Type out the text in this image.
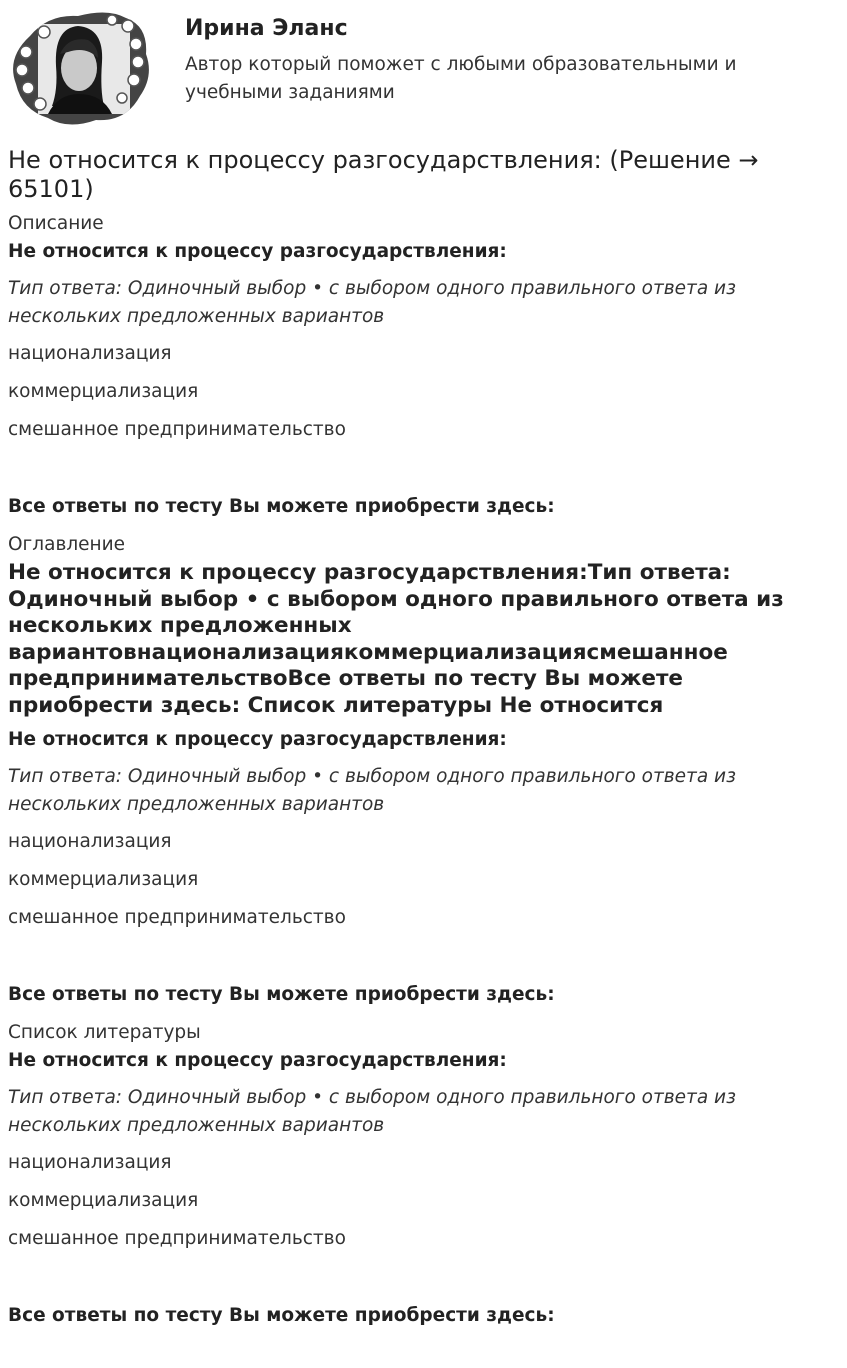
Ирина Эланс

Автор который поможет с любыми образовательными и учебными заданиями

Не относится к процессу разгосударствления: (Решение → 65101)
Описание
Не относится к процессу разгосударствления:
Тип ответа: Одиночный выбор • с выбором одного правильного ответа из нескольких предложенных вариантов
национализация
коммерциализация
смешанное предпринимательство
Все ответы по тесту Вы можете приобрести здесь:
Оглавление
Не относится к процессу разгосударствления:Тип ответа: Одиночный выбор • с выбором одного правильного ответа из нескольких предложенных вариантовнационализациякоммерциализациясмешанное предпринимательствоВсе ответы по тесту Вы можете приобрести здесь: Список литературы Не относится
Не относится к процессу разгосударствления:
Тип ответа: Одиночный выбор • с выбором одного правильного ответа из нескольких предложенных вариантов
национализация
коммерциализация
смешанное предпринимательство
Все ответы по тесту Вы можете приобрести здесь:
Список литературы
Не относится к процессу разгосударствления:
Тип ответа: Одиночный выбор • с выбором одного правильного ответа из нескольких предложенных вариантов
национализация
коммерциализация
смешанное предпринимательство
Все ответы по тесту Вы можете приобрести здесь:
